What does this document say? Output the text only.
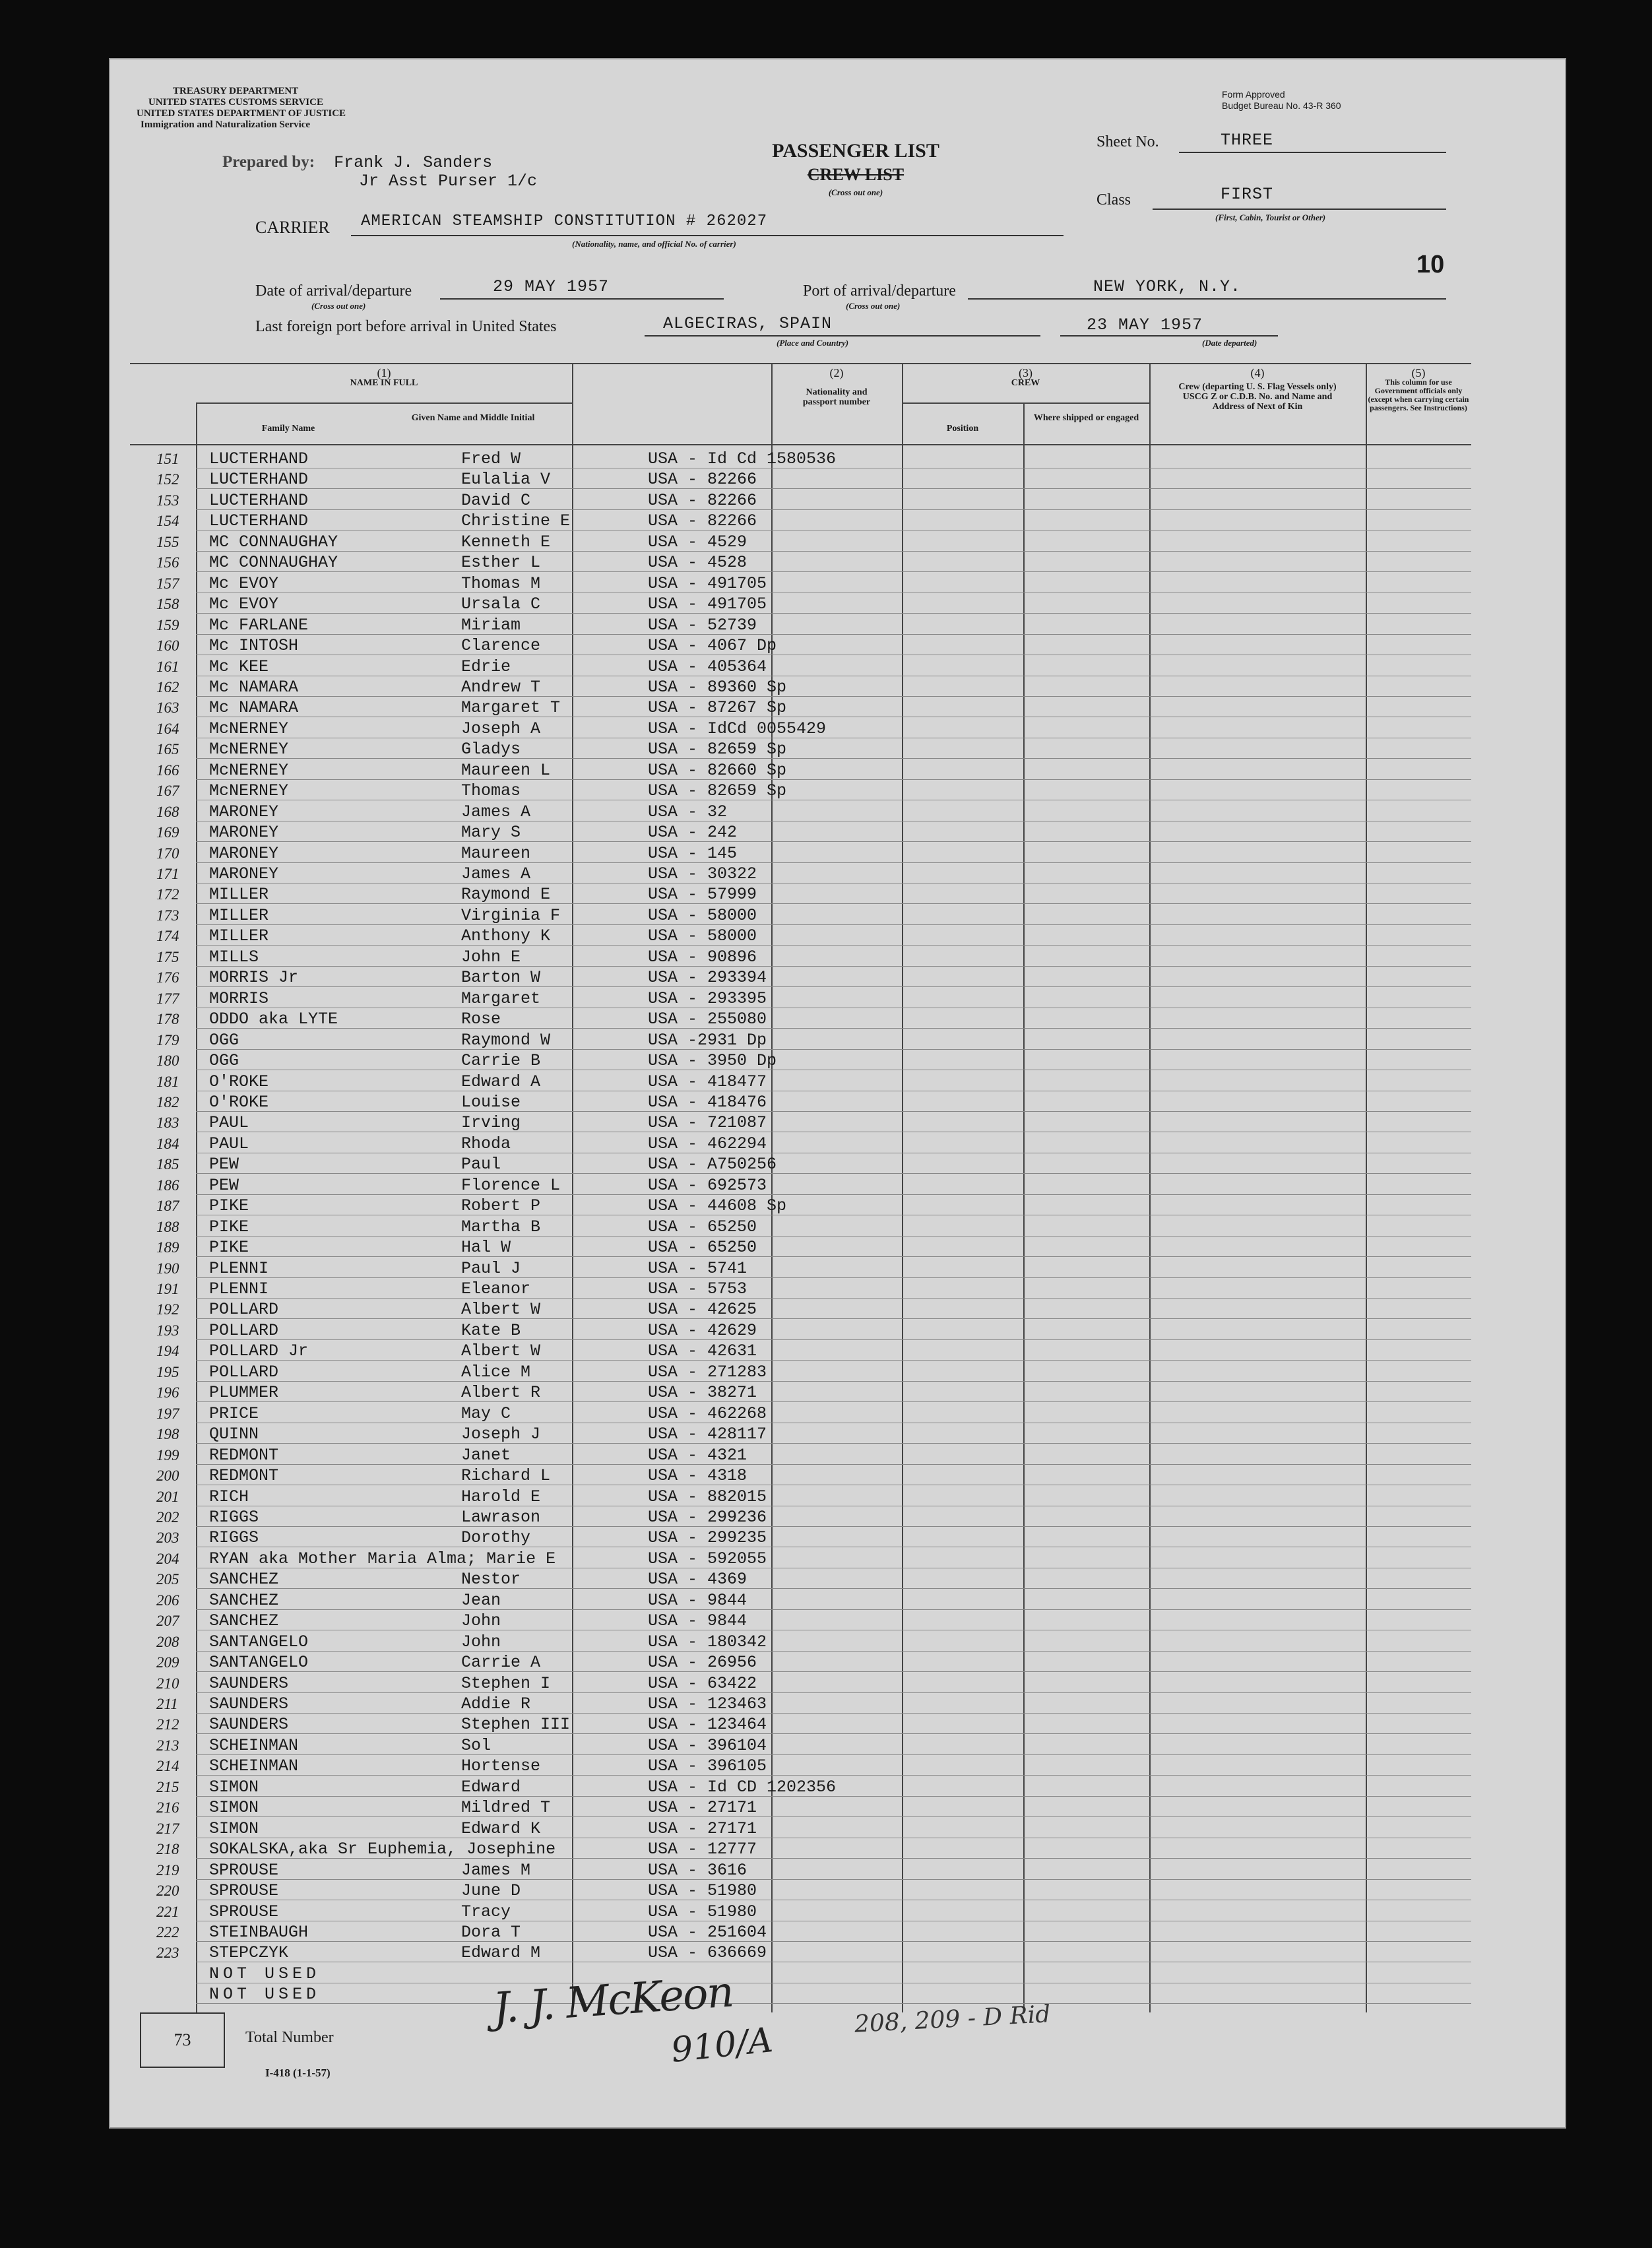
TREASURY DEPARTMENT
UNITED STATES CUSTOMS SERVICE
UNITED STATES DEPARTMENT OF JUSTICE
Immigration and Naturalization Service
Form Approved
Budget Bureau No. 43-R 360
Prepared by: Frank J. Sanders
Jr Asst Purser 1/c
PASSENGER LIST
CREW LIST
(Cross out one)
Sheet No.	THREE
Class	FIRST
(First, Cabin, Tourist or Other)
10
CARRIER AMERICAN STEAMSHIP CONSTITUTION # 262027
(Nationality, name, and official No. of carrier)
Date of arrival/departure	29 MAY 1957
(Cross out one)
Port of arrival/departure	NEW YORK, N.Y.
(Cross out one)
Last foreign port before arrival in United States	ALGECIRAS, SPAIN
(Place and Country)
23 MAY 1957
(Date departed)
(1)
NAME IN FULL
Family Name
Given Name and Middle Initial
(2)
Nationality and passport number
(3)
CREW
Position
Where shipped or engaged
(4)
Crew (departing U. S. Flag Vessels only) USCG Z or C.D.B. No. and Name and Address of Next of Kin
(5)
This column for use Government officials only (except when carrying certain passengers. See Instructions)
151 LUCTERHAND	Fred W	USA - Id Cd 1580536
152 LUCTERHAND	Eulalia V	USA - 82266
153 LUCTERHAND	David C	USA - 82266
154 LUCTERHAND	Christine E	USA - 82266
155 MC CONNAUGHAY	Kenneth E	USA - 4529
156 MC CONNAUGHAY	Esther L	USA - 4528
157 Mc EVOY	Thomas M	USA - 491705
158 Mc EVOY	Ursala C	USA - 491705
159 Mc FARLANE	Miriam	USA - 52739
160 Mc INTOSH	Clarence	USA - 4067 Dp
161 Mc KEE	Edrie	USA - 405364
162 Mc NAMARA	Andrew T	USA - 89360 Sp
163 Mc NAMARA	Margaret T	USA - 87267 Sp
164 McNERNEY	Joseph A	USA - IdCd 0055429
165 McNERNEY	Gladys	USA - 82659 Sp
166 McNERNEY	Maureen L	USA - 82660 Sp
167 McNERNEY	Thomas	USA - 82659 Sp
168 MARONEY	James A	USA - 32
169 MARONEY	Mary S	USA - 242
170 MARONEY	Maureen	USA - 145
171 MARONEY	James A	USA - 30322
172 MILLER	Raymond E	USA - 57999
173 MILLER	Virginia F	USA - 58000
174 MILLER	Anthony K	USA - 58000
175 MILLS	John E	USA - 90896
176 MORRIS Jr	Barton W	USA - 293394
177 MORRIS	Margaret	USA - 293395
178 ODDO aka LYTE	Rose	USA - 255080
179 OGG	Raymond W	USA -2931 Dp
180 OGG	Carrie B	USA - 3950 Dp
181 O'ROKE	Edward A	USA - 418477
182 O'ROKE	Louise	USA - 418476
183 PAUL	Irving	USA - 721087
184 PAUL	Rhoda	USA - 462294
185 PEW	Paul	USA - A750256
186 PEW	Florence L	USA - 692573
187 PIKE	Robert P	USA - 44608 Sp
188 PIKE	Martha B	USA - 65250
189 PIKE	Hal W	USA - 65250
190 PLENNI	Paul J	USA - 5741
191 PLENNI	Eleanor	USA - 5753
192 POLLARD	Albert W	USA - 42625
193 POLLARD	Kate B	USA - 42629
194 POLLARD Jr	Albert W	USA - 42631
195 POLLARD	Alice M	USA - 271283
196 PLUMMER	Albert R	USA - 38271
197 PRICE	May C	USA - 462268
198 QUINN	Joseph J	USA - 428117
199 REDMONT	Janet	USA - 4321
200 REDMONT	Richard L	USA - 4318
201 RICH	Harold E	USA - 882015
202 RIGGS	Lawrason	USA - 299236
203 RIGGS	Dorothy	USA - 299235
204 RYAN aka Mother Maria Alma; Marie E	USA - 592055
205 SANCHEZ	Nestor	USA - 4369
206 SANCHEZ	Jean	USA - 9844
207 SANCHEZ	John	USA - 9844
208 SANTANGELO	John	USA - 180342
209 SANTANGELO	Carrie A	USA - 26956
210 SAUNDERS	Stephen I	USA - 63422
211 SAUNDERS	Addie R	USA - 123463
212 SAUNDERS	Stephen III	USA - 123464
213 SCHEINMAN	Sol	USA - 396104
214 SCHEINMAN	Hortense	USA - 396105
215 SIMON	Edward	USA - Id CD 1202356
216 SIMON	Mildred T	USA - 27171
217 SIMON	Edward K	USA - 27171
218 SOKALSKA,aka Sr Euphemia, Josephine	USA - 12777
219 SPROUSE	James M	USA - 3616
220 SPROUSE	June D	USA - 51980
221 SPROUSE	Tracy	USA - 51980
222 STEINBAUGH	Dora T	USA - 251604
223 STEPCZYK	Edward M	USA - 636669
NOT USED
NOT USED
73	Total Number
I-418 (1-1-57)
J. J. McKeon
910/A
208, 209 - D Rid
